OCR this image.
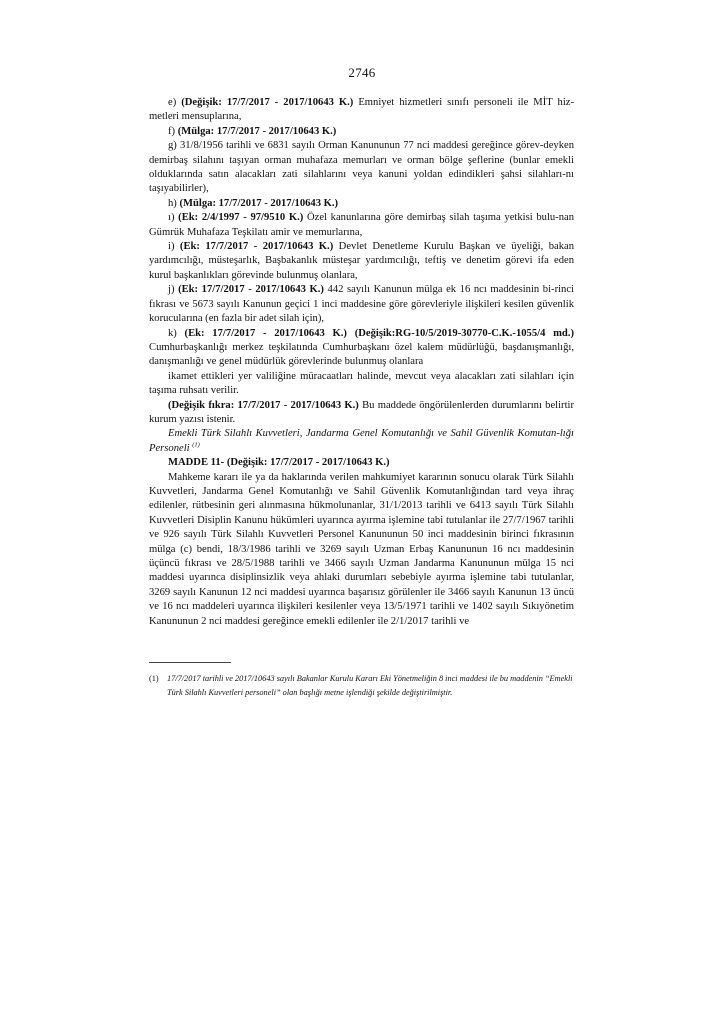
2746

e) (Değişik: 17/7/2017 - 2017/10643 K.) Emniyet hizmetleri sınıfı personeli ile MİT hiz-metleri mensuplarına,

f) (Mülga: 17/7/2017 - 2017/10643 K.)

g) 31/8/1956 tarihli ve 6831 sayılı Orman Kanununun 77 nci maddesi gereğince görev-deyken demirbaş silahını taşıyan orman muhafaza memurları ve orman bölge şeflerine (bunlar emekli olduklarında satın alacakları zati silahlarını veya kanuni yoldan edindikleri şahsi silahları-nı taşıyabilirler),

h) (Mülga: 17/7/2017 - 2017/10643 K.)

ı) (Ek: 2/4/1997 - 97/9510 K.) Özel kanunlarına göre demirbaş silah taşıma yetkisi bulu-nan Gümrük Muhafaza Teşkilatı amir ve memurlarına,

i) (Ek: 17/7/2017 - 2017/10643 K.) Devlet Denetleme Kurulu Başkan ve üyeliği, bakan yardımcılığı, müsteşarlık, Başbakanlık müsteşar yardımcılığı, teftiş ve denetim görevi ifa eden kurul başkanlıkları görevinde bulunmuş olanlara,

j) (Ek: 17/7/2017 - 2017/10643 K.) 442 sayılı Kanunun mülga ek 16 ncı maddesinin bi-rinci fıkrası ve 5673 sayılı Kanunun geçici 1 inci maddesine göre görevleriyle ilişkileri kesilen güvenlik korucularına (en fazla bir adet silah için),

k) (Ek: 17/7/2017 - 2017/10643 K.) (Değişik:RG-10/5/2019-30770-C.K.-1055/4 md.) Cumhurbaşkanlığı merkez teşkilatında Cumhurbaşkanı özel kalem müdürlüğü, başdanışmanlığı, danışmanlığı ve genel müdürlük görevlerinde bulunmuş olanlara

ikamet ettikleri yer valiliğine müracaatları halinde, mevcut veya alacakları zati silahları için taşıma ruhsatı verilir.

(Değişik fıkra: 17/7/2017 - 2017/10643 K.) Bu maddede öngörülenlerden durumlarını belirtir kurum yazısı istenir.

Emekli Türk Silahlı Kuvvetleri, Jandarma Genel Komutanlığı ve Sahil Güvenlik Komutan-lığı Personeli $^{(1)}$

MADDE 11- (Değişik: 17/7/2017 - 2017/10643 K.)

Mahkeme kararı ile ya da haklarında verilen mahkumiyet kararının sonucu olarak Türk Silahlı Kuvvetleri, Jandarma Genel Komutanlığı ve Sahil Güvenlik Komutanlığından tard veya ihraç edilenler, rütbesinin geri alınmasına hükmolunanlar, 31/1/2013 tarihli ve 6413 sayılı Türk Silahlı Kuvvetleri Disiplin Kanunu hükümleri uyarınca ayırma işlemine tabi tutulanlar ile 27/7/1967 tarihli ve 926 sayılı Türk Silahlı Kuvvetleri Personel Kanununun 50 inci maddesinin birinci fıkrasının mülga (c) bendi, 18/3/1986 tarihli ve 3269 sayılı Uzman Erbaş Kanununun 16 ncı maddesinin üçüncü fıkrası ve 28/5/1988 tarihli ve 3466 sayılı Uzman Jandarma Kanununun mülga 15 nci maddesi uyarınca disiplinsizlik veya ahlaki durumları sebebiyle ayırma işlemine tabi tutulanlar, 3269 sayılı Kanunun 12 nci maddesi uyarınca başarısız görülenler ile 3466 sayılı Kanunun 13 üncü ve 16 ncı maddeleri uyarınca ilişkileri kesilenler veya 13/5/1971 tarihli ve 1402 sayılı Sıkıyönetim Kanununun 2 nci maddesi gereğince emekli edilenler ile 2/1/2017 tarihli ve

(1)	17/7/2017 tarihli ve 2017/10643 sayılı Bakanlar Kurulu Kararı Eki Yönetmeliğin 8 inci maddesi ile bu maddenin “Emekli Türk Silahlı Kuvvetleri personeli” olan başlığı metne işlendiği şekilde değiştirilmiştir.
